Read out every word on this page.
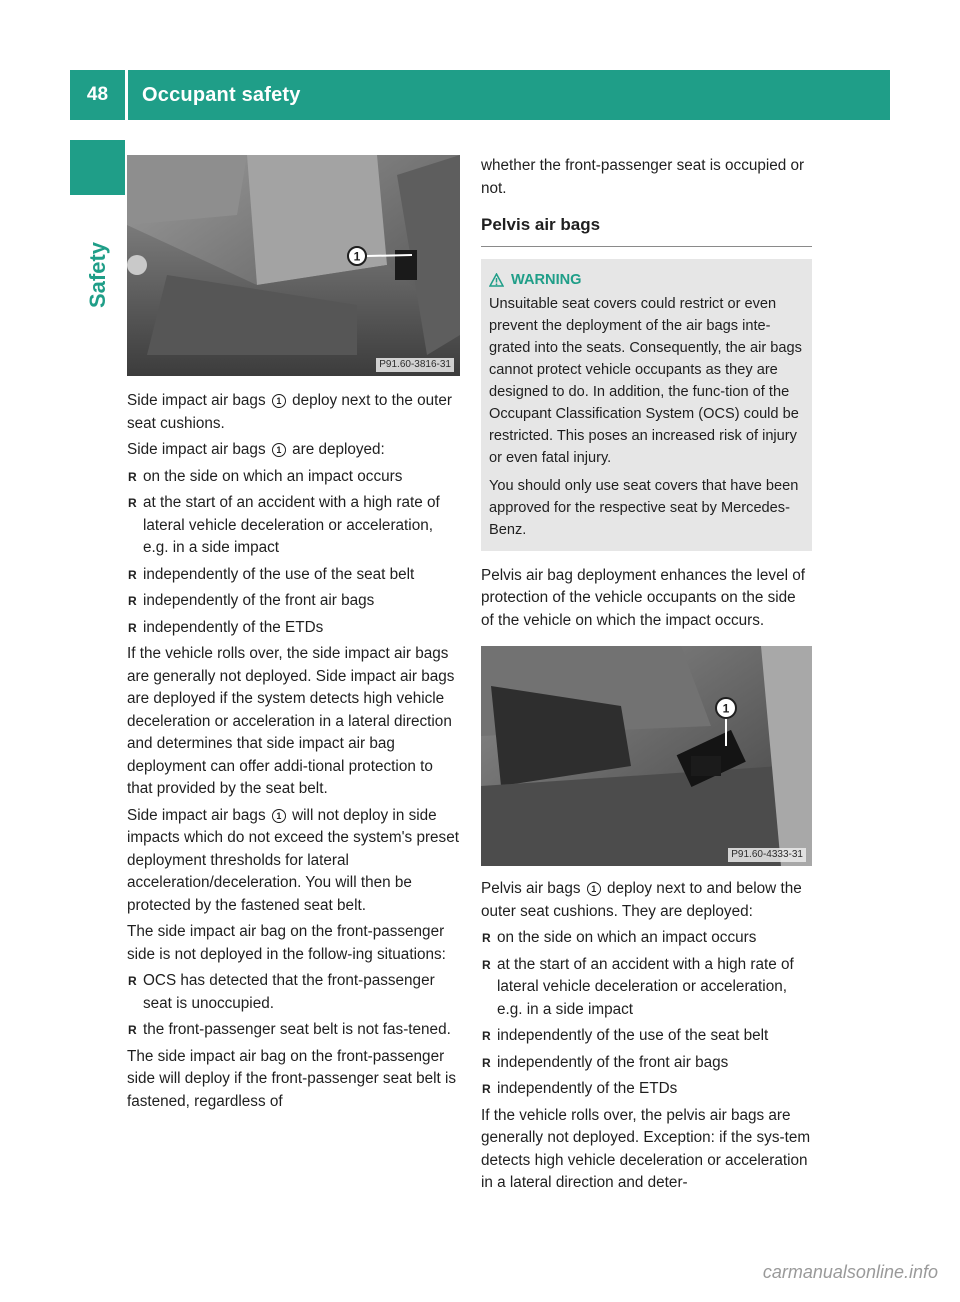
48	Occupant safety
Safety	1
P91.60-3816-31

Side impact air bags 1 deploy next to the outer seat cushions.

Side impact air bags 1 are deployed:

R on the side on which an impact occurs
R at the start of an accident with a high rate of lateral vehicle deceleration or acceleration, e.g. in a side impact
R independently of the use of the seat belt
R independently of the front air bags
R independently of the ETDs

If the vehicle rolls over, the side impact air bags are generally not deployed. Side impact air bags are deployed if the system detects high vehicle deceleration or acceleration in a lateral direction and determines that side impact air bag deployment can offer addi-tional protection to that provided by the seat belt.

Side impact air bags 1 will not deploy in side impacts which do not exceed the system's preset deployment thresholds for lateral acceleration/deceleration. You will then be protected by the fastened seat belt.

The side impact air bag on the front-passenger side is not deployed in the follow-ing situations:

R OCS has detected that the front-passenger seat is unoccupied.
R the front-passenger seat belt is not fas-tened.

The side impact air bag on the front-passenger side will deploy if the front-passenger seat belt is fastened, regardless of

whether the front-passenger seat is occupied or not.

Pelvis air bags
WARNING

Unsuitable seat covers could restrict or even prevent the deployment of the air bags inte-grated into the seats. Consequently, the air bags cannot protect vehicle occupants as they are designed to do. In addition, the func-tion of the Occupant Classification System (OCS) could be restricted. This poses an increased risk of injury or even fatal injury.

You should only use seat covers that have been approved for the respective seat by Mercedes-Benz.

Pelvis air bag deployment enhances the level of protection of the vehicle occupants on the side of the vehicle on which the impact occurs.

1
P91.60-4333-31

Pelvis air bags 1 deploy next to and below the outer seat cushions. They are deployed:

R on the side on which an impact occurs
R at the start of an accident with a high rate of lateral vehicle deceleration or acceleration, e.g. in a side impact
R independently of the use of the seat belt
R independently of the front air bags
R independently of the ETDs

If the vehicle rolls over, the pelvis air bags are generally not deployed. Exception: if the sys-tem detects high vehicle deceleration or acceleration in a lateral direction and deter-

carmanualsonline.info
